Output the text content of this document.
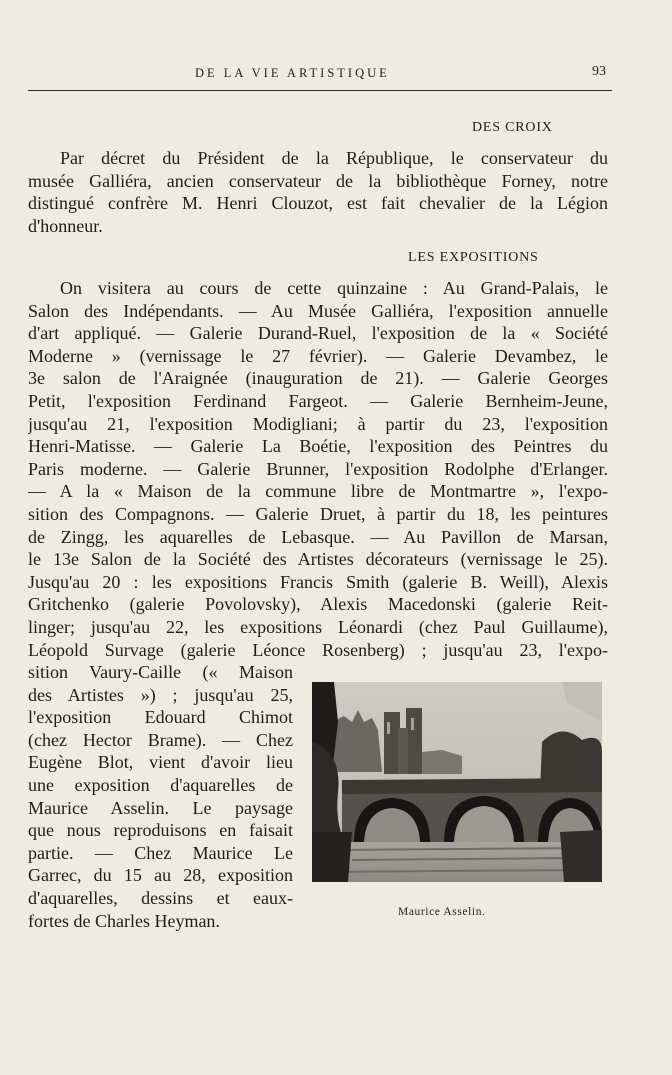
DE LA VIE ARTISTIQUE	93
DES CROIX
Par décret du Président de la République, le conservateur du
musée Galliéra, ancien conservateur de la bibliothèque Forney, notre
distingué confrère M. Henri Clouzot, est fait chevalier de la Légion
d'honneur.
LES EXPOSITIONS
On visitera au cours de cette quinzaine : Au Grand-Palais, le
Salon des Indépendants. — Au Musée Galliéra, l'exposition annuelle
d'art appliqué. — Galerie Durand-Ruel, l'exposition de la « Société
Moderne » (vernissage le 27 février). — Galerie Devambez, le
3e salon de l'Araignée (inauguration de 21). — Galerie Georges
Petit, l'exposition Ferdinand Fargeot. — Galerie Bernheim-Jeune,
jusqu'au 21, l'exposition Modigliani; à partir du 23, l'exposition
Henri-Matisse. — Galerie La Boétie, l'exposition des Peintres du
Paris moderne. — Galerie Brunner, l'exposition Rodolphe d'Erlanger.
— A la « Maison de la commune libre de Montmartre », l'expo-
sition des Compagnons. — Galerie Druet, à partir du 18, les peintures
de Zingg, les aquarelles de Lebasque. — Au Pavillon de Marsan,
le 13e Salon de la Société des Artistes décorateurs (vernissage le 25).
Jusqu'au 20 : les expositions Francis Smith (galerie B. Weill), Alexis
Gritchenko (galerie Povolovsky), Alexis Macedonski (galerie Reit-
linger; jusqu'au 22, les expositions Léonardi (chez Paul Guillaume),
Léopold Survage (galerie Léonce Rosenberg) ; jusqu'au 23, l'expo-
sition Vaury-Caille (« Maison
des Artistes ») ; jusqu'au 25,
l'exposition Edouard Chimot
(chez Hector Brame). — Chez
Eugène Blot, vient d'avoir lieu
une exposition d'aquarelles de
Maurice Asselin. Le paysage
que nous reproduisons en faisait
partie. — Chez Maurice Le
Garrec, du 15 au 28, exposition
d'aquarelles, dessins et eaux-
fortes de Charles Heyman.	Maurice Asselin.
